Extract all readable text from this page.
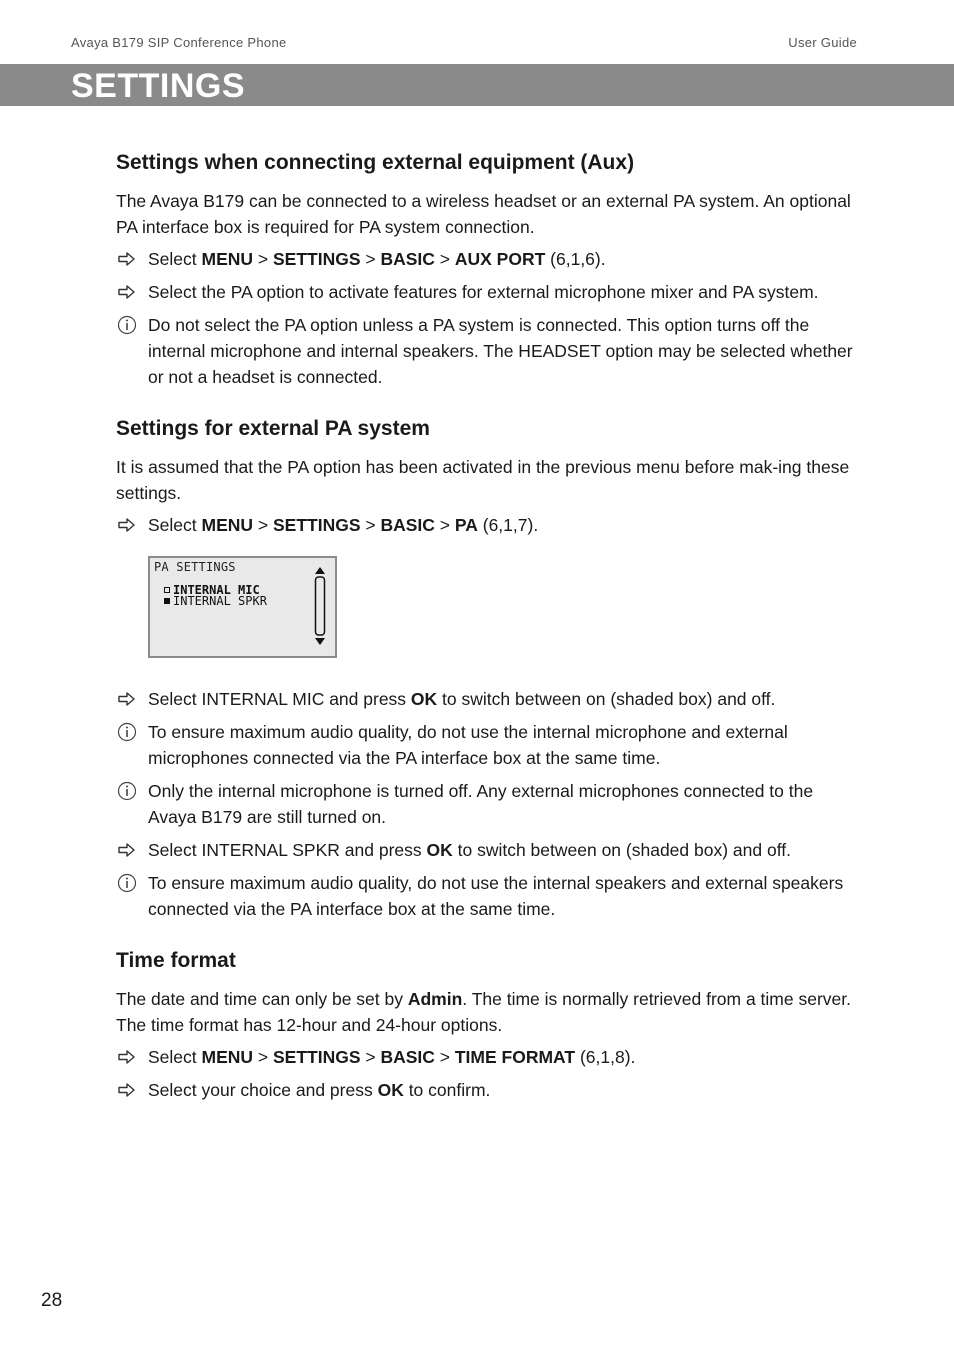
Avaya B179 SIP Conference Phone	User Guide
SETTINGS
Settings when connecting external equipment (Aux)

The Avaya B179 can be connected to a wireless headset or an external PA system. An optional PA interface box is required for PA system connection.

Select MENU > SETTINGS > BASIC > AUX PORT (6,1,6).
Select the PA option to activate features for external microphone mixer and PA system.
Do not select the PA option unless a PA system is connected. This option turns off the internal microphone and internal speakers. The HEADSET option may be selected whether or not a headset is connected.
Settings for external PA system

It is assumed that the PA option has been activated in the previous menu before mak-ing these settings.

Select MENU > SETTINGS > BASIC > PA (6,1,7).
PA SETTINGS
INTERNAL MIC
INTERNAL SPKR
Select INTERNAL MIC and press OK to switch between on (shaded box) and off.
To ensure maximum audio quality, do not use the internal microphone and external microphones connected via the PA interface box at the same time.
Only the internal microphone is turned off. Any external microphones connected to the Avaya B179 are still turned on.
Select INTERNAL SPKR and press OK to switch between on (shaded box) and off.
To ensure maximum audio quality, do not use the internal speakers and external speakers connected via the PA interface box at the same time.
Time format

The date and time can only be set by Admin. The time is normally retrieved from a time server. The time format has 12-hour and 24-hour options.

Select MENU > SETTINGS > BASIC > TIME FORMAT (6,1,8).
Select your choice and press OK to confirm.
28
